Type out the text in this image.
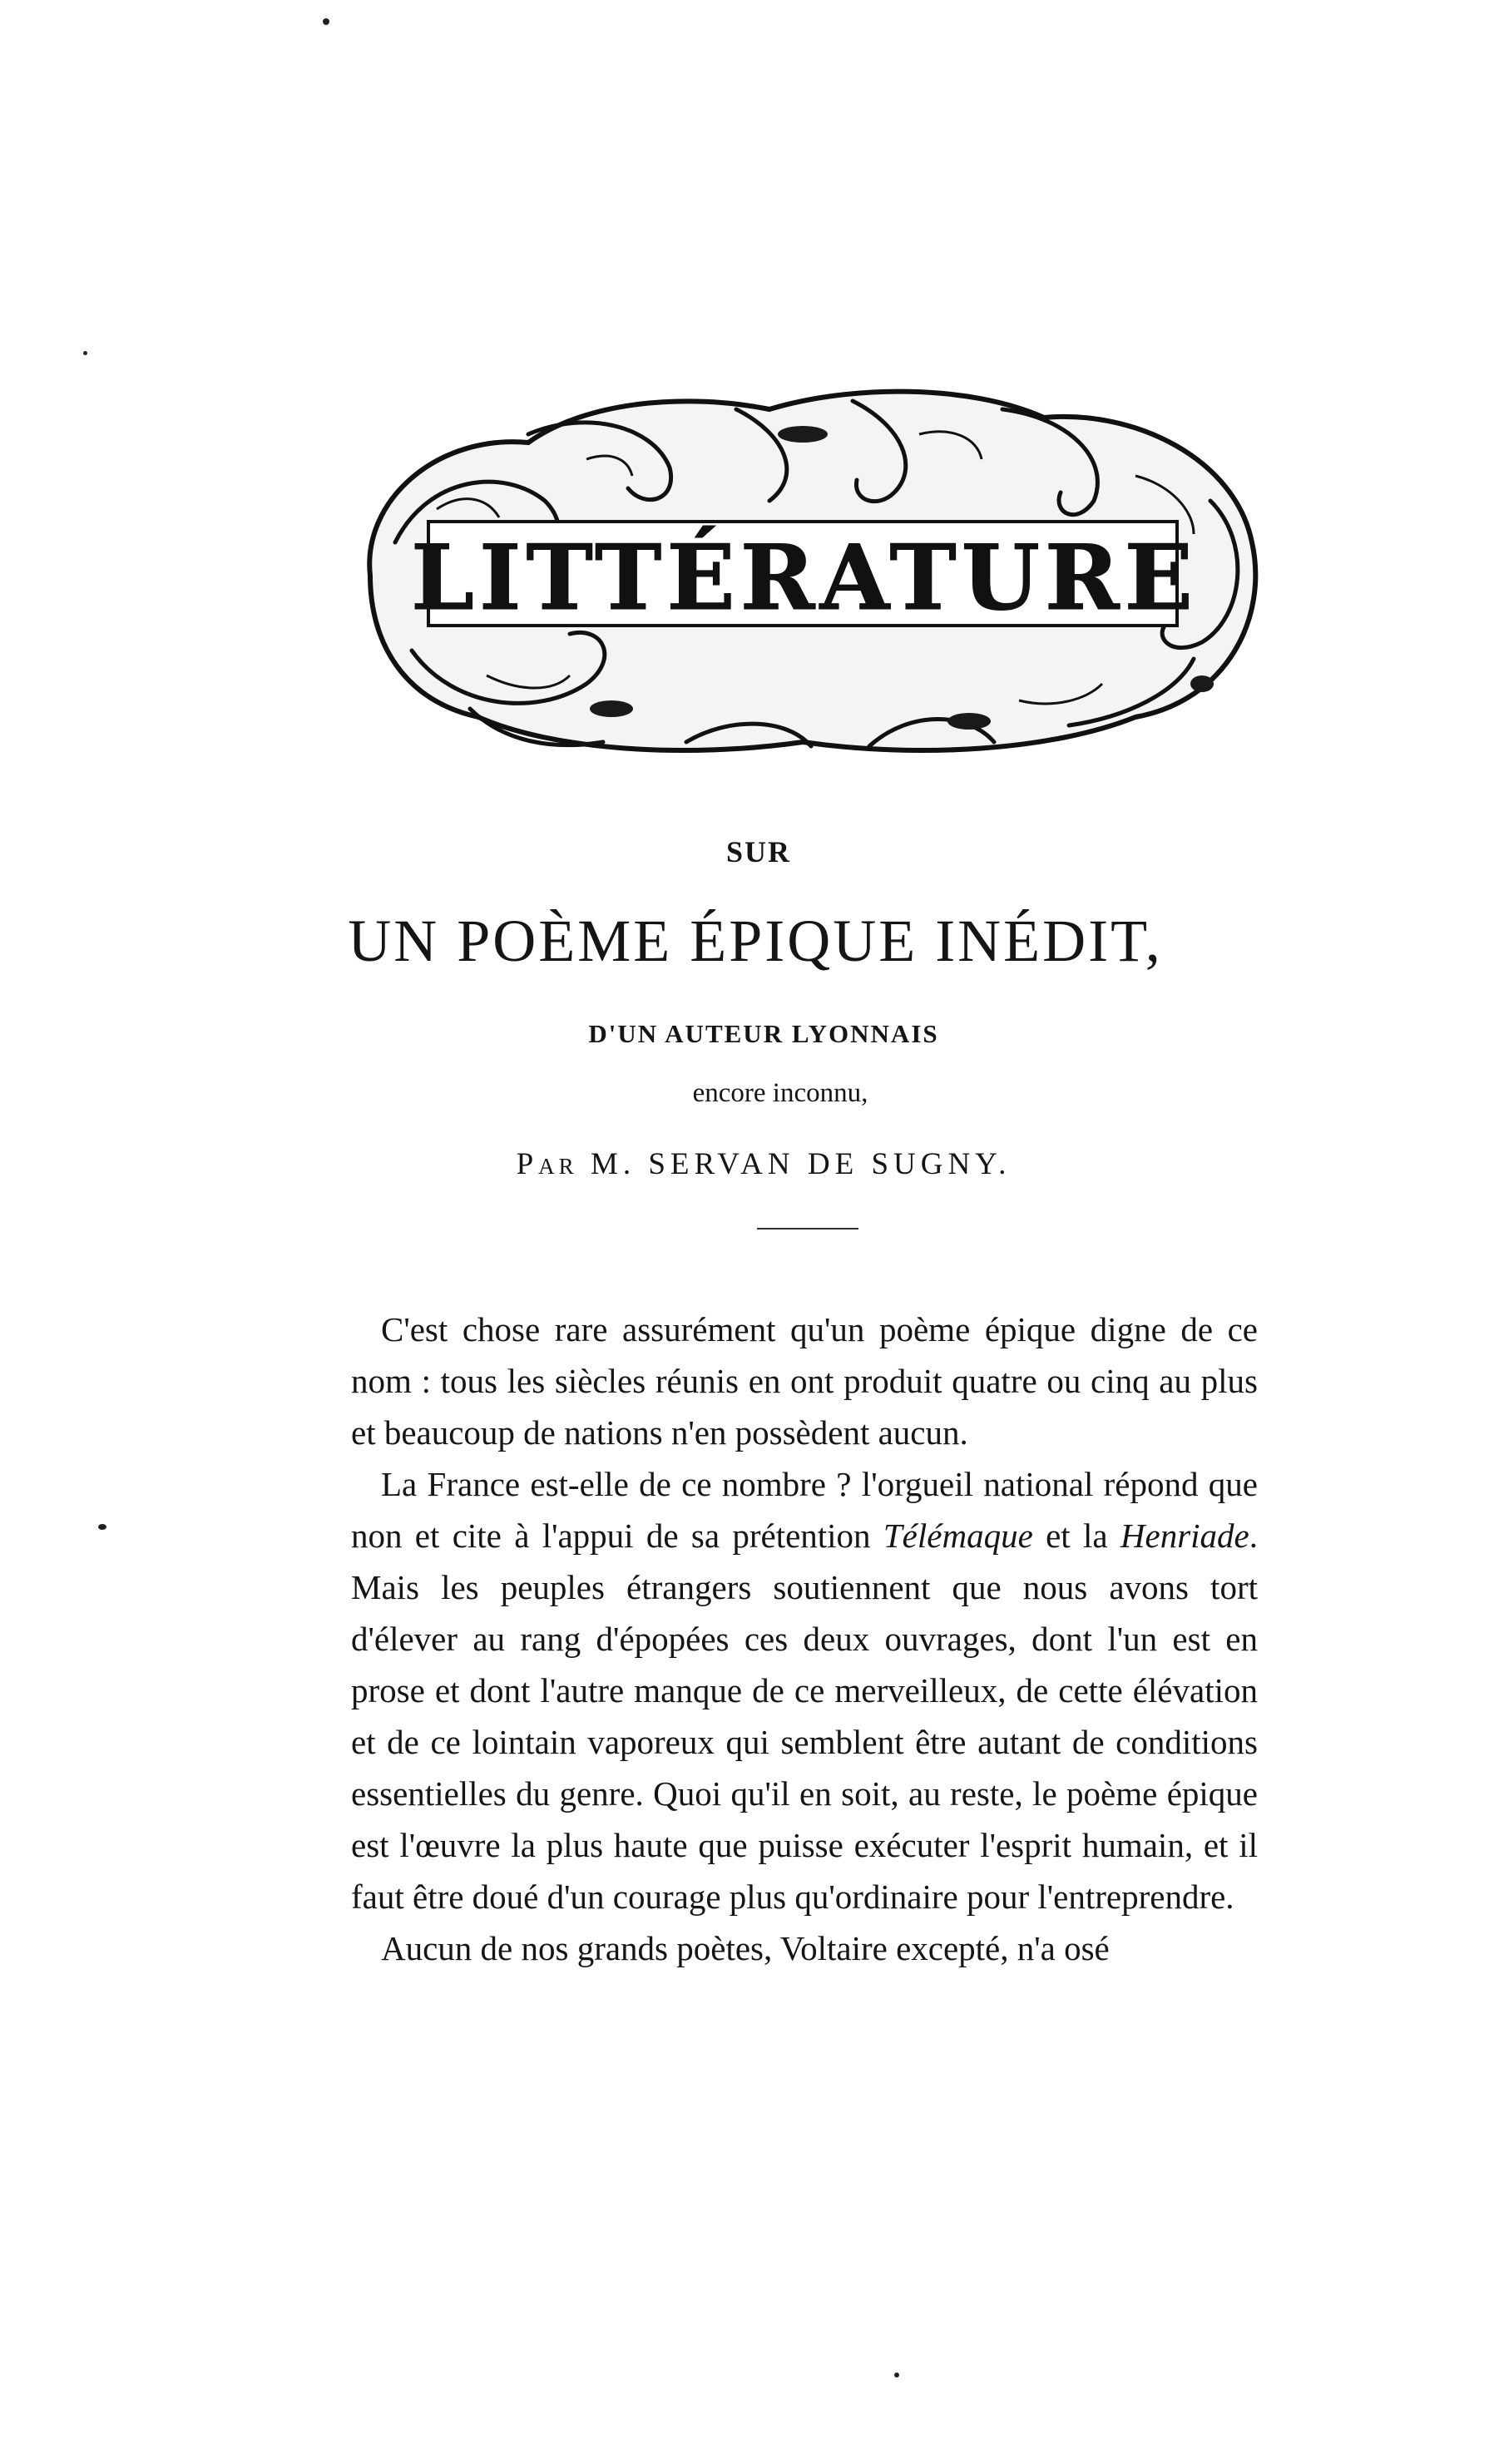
LITTÉRATURE
SUR
UN POÈME ÉPIQUE INÉDIT,
D'UN AUTEUR LYONNAIS
encore inconnu,
PAR M. SERVAN DE SUGNY.

C'est chose rare assurément qu'un poème épique digne de ce nom : tous les siècles réunis en ont produit quatre ou cinq au plus et beaucoup de nations n'en possèdent aucun.

La France est-elle de ce nombre ? l'orgueil national répond que non et cite à l'appui de sa prétention Télémaque et la Henriade. Mais les peuples étrangers soutiennent que nous avons tort d'élever au rang d'épopées ces deux ouvrages, dont l'un est en prose et dont l'autre manque de ce merveilleux, de cette élévation et de ce lointain vaporeux qui semblent être autant de conditions essentielles du genre. Quoi qu'il en soit, au reste, le poème épique est l'œuvre la plus haute que puisse exécuter l'esprit humain, et il faut être doué d'un courage plus qu'ordinaire pour l'entreprendre.

Aucun de nos grands poètes, Voltaire excepté, n'a osé
